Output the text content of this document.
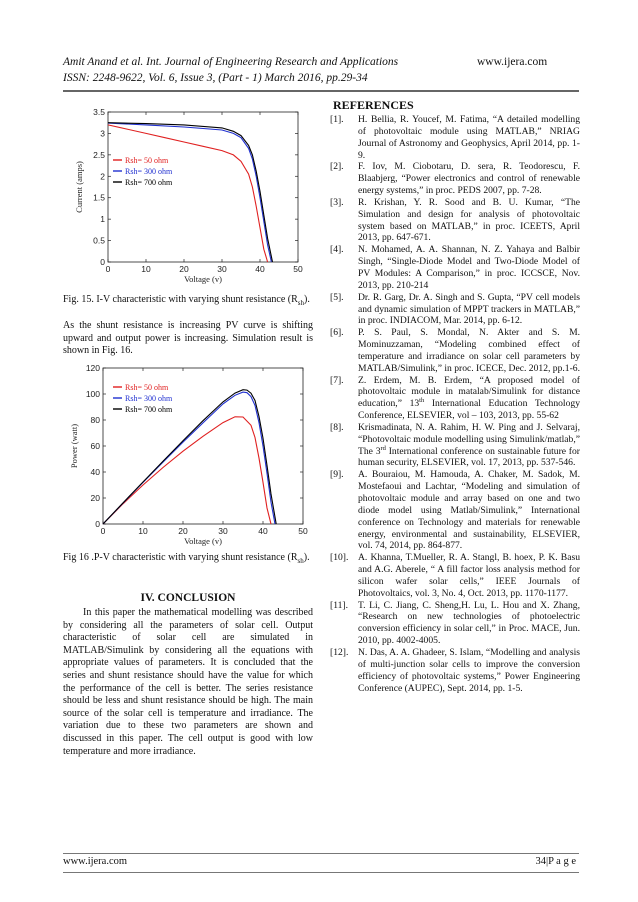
Amit Anand et al. Int. Journal of Engineering Research and Applications	www.ijera.com
ISSN: 2248-9622, Vol. 6, Issue 3, (Part - 1) March 2016, pp.29-34
0	10	20	30	40	50
0
0.5
1
1.5
2
2.5
3
3.5
Voltage (v)
Current (amps)
Rsh= 50 ohm
Rsh= 300 ohm
Rsh= 700 ohm
Fig. 15. I-V characteristic with varying shunt resistance $(R_{sh})$.
As the shunt resistance is increasing PV curve is shifting upward and output power is increasing. Simulation result is shown in Fig. 16.
0	10	20	30	40	50
0
20
40
60
80
100
120
Voltage (v)
Power (watt)
Rsh= 50 ohm
Rsh= 300 ohm
Rsh= 700 ohm
Fig 16 .P-V characteristic with varying shunt resistance $(R_{sh})$.
IV. CONCLUSION
In this paper the mathematical modelling was described by considering all the parameters of solar cell. Output characteristic of solar cell are simulated in MATLAB/Simulink by considering all the equations with appropriate values of parameters. It is concluded that the series and shunt resistance should have the value for which the performance of the cell is better. The series resistance should be less and shunt resistance should be high. The main source of the solar cell is temperature and irradiance. The variation due to these two parameters are shown and discussed in this paper. The cell output is good with low temperature and more irradiance.
REFERENCES
[1].	H. Bellia, R. Youcef, M. Fatima, “A detailed modelling of photovoltaic module using MATLAB,” NRIAG Journal of Astronomy and Geophysics, April 2014, pp. 1-9.
[2].	F. Iov, M. Ciobotaru, D. sera, R. Teodorescu, F. Blaabjerg, “Power electronics and control of renewable energy systems,” in proc. PEDS 2007, pp. 7-28.
[3].	R. Krishan, Y. R. Sood and B. U. Kumar, “The Simulation and design for analysis of photovoltaic system based on MATLAB,” in proc. ICEETS, April 2013, pp. 647-671.
[4].	N. Mohamed, A. A. Shannan, N. Z. Yahaya and Balbir Singh, “Single-Diode Model and Two-Diode Model of PV Modules: A Comparison,” in proc. ICCSCE, Nov. 2013, pp. 210-214
[5].	Dr. R. Garg, Dr. A. Singh and S. Gupta, “PV cell models and dynamic simulation of MPPT trackers in MATLAB,” in proc. INDIACOM, Mar. 2014, pp. 6-12.
[6].	P. S. Paul, S. Mondal, N. Akter and S. M. Mominuzzaman, “Modeling combined effect of temperature and irradiance on solar cell parameters by MATLAB/Simulink,” in proc. ICECE, Dec. 2012, pp.1-6.
[7].	Z. Erdem, M. B. Erdem, “A proposed model of photovoltaic module in matalab/Simulink for distance education,” 13th International Education Technology Conference, ELSEVIER, vol – 103, 2013, pp. 55-62
[8].	Krismadinata, N. A. Rahim, H. W. Ping and J. Selvaraj, “Photovoltaic module modelling using Simulink/matlab,” The 3rd International conference on sustainable future for human security, ELSEVIER, vol. 17, 2013, pp. 537-546.
[9].	A. Bouraiou, M. Hamouda, A. Chaker, M. Sadok, M. Mostefaoui and Lachtar, “Modeling and simulation of photovoltaic module and array based on one and two diode model using Matlab/Simulink,” International conference on Technology and materials for renewable energy, environmental and sustainability, ELSEVIER, vol. 74, 2014, pp. 864-877.
[10].	A. Khanna, T.Mueller, R. A. Stangl, B. hoex, P. K. Basu and A.G. Aberele, “ A fill factor loss analysis method for silicon wafer solar cells,” IEEE Journals of Photovoltaics, vol. 3, No. 4, Oct. 2013, pp. 1170-1177.
[11].	T. Li, C. Jiang, C. Sheng,H. Lu, L. Hou and X. Zhang, “Research on new technologies of photoelectric conversion efficiency in solar cell,” in Proc. MACE, Jun. 2010, pp. 4002-4005.
[12].	N. Das, A. A. Ghadeer, S. Islam, “Modelling and analysis of multi-junction solar cells to improve the conversion efficiency of photovoltaic systems,” Power Engineering Conference (AUPEC), Sept. 2014, pp. 1-5.
www.ijera.com	34|P a g e
